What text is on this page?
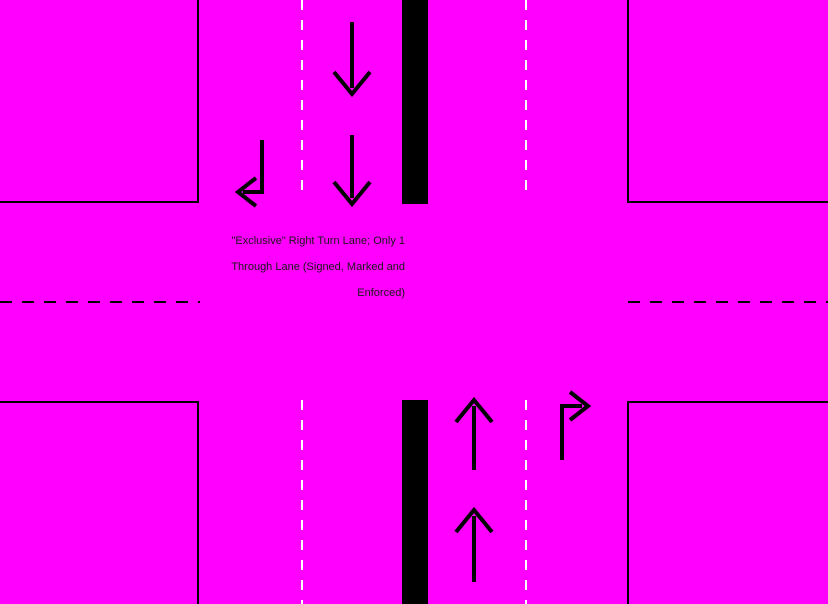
"Exclusive" Right Turn Lane; Only 1 Through Lane (Signed, Marked and Enforced)
